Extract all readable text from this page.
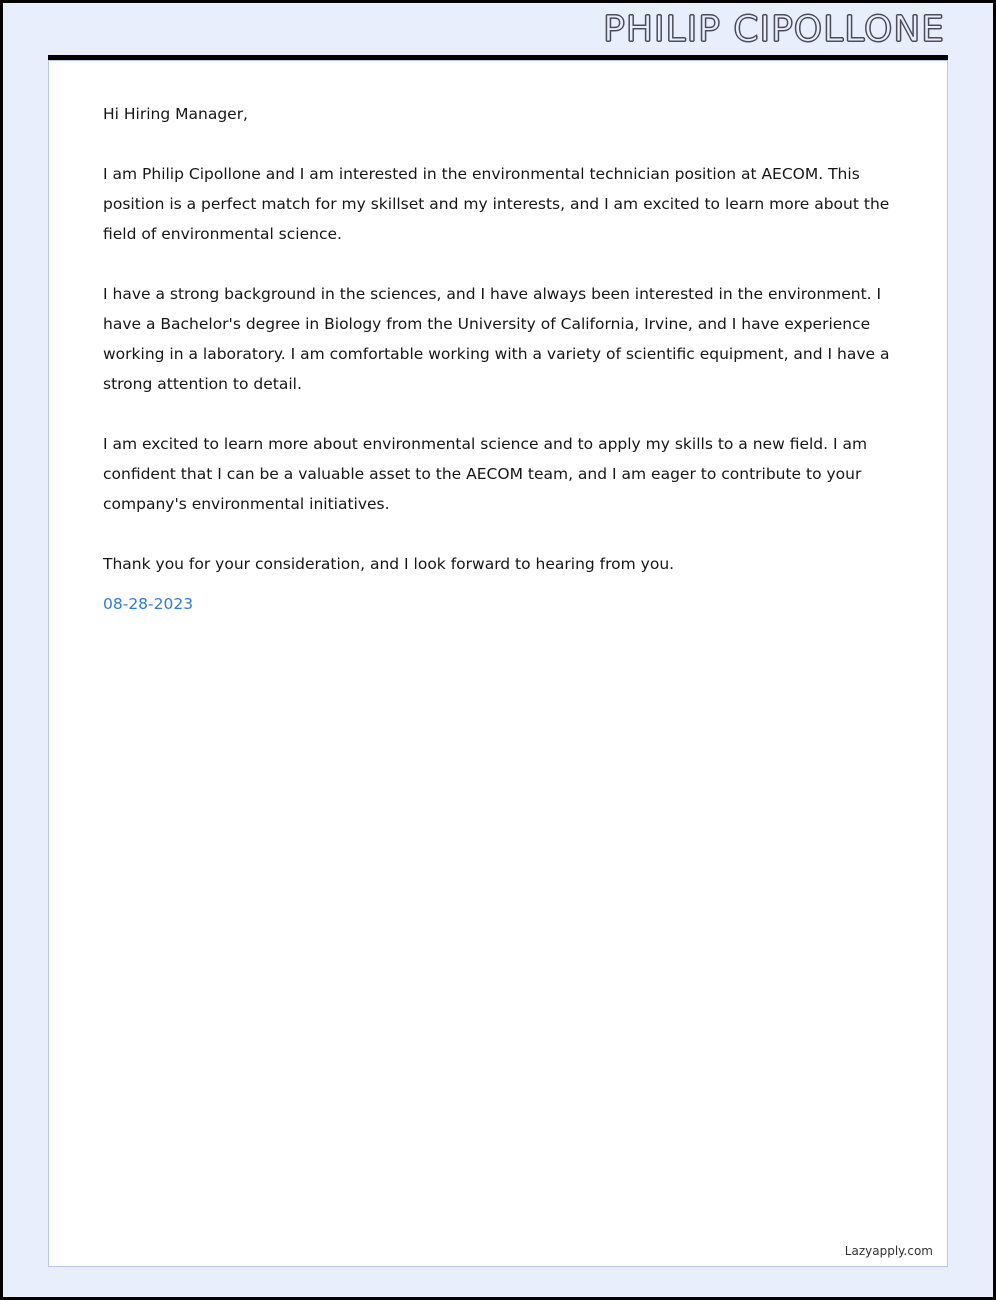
PHILIP CIPOLLONE

Hi Hiring Manager,

I am Philip Cipollone and I am interested in the environmental technician position at AECOM. This position is a perfect match for my skillset and my interests, and I am excited to learn more about the field of environmental science.

I have a strong background in the sciences, and I have always been interested in the environment. I have a Bachelor's degree in Biology from the University of California, Irvine, and I have experience working in a laboratory. I am comfortable working with a variety of scientific equipment, and I have a strong attention to detail.

I am excited to learn more about environmental science and to apply my skills to a new field. I am confident that I can be a valuable asset to the AECOM team, and I am eager to contribute to your company's environmental initiatives.

Thank you for your consideration, and I look forward to hearing from you.

08-28-2023

Lazyapply.com
